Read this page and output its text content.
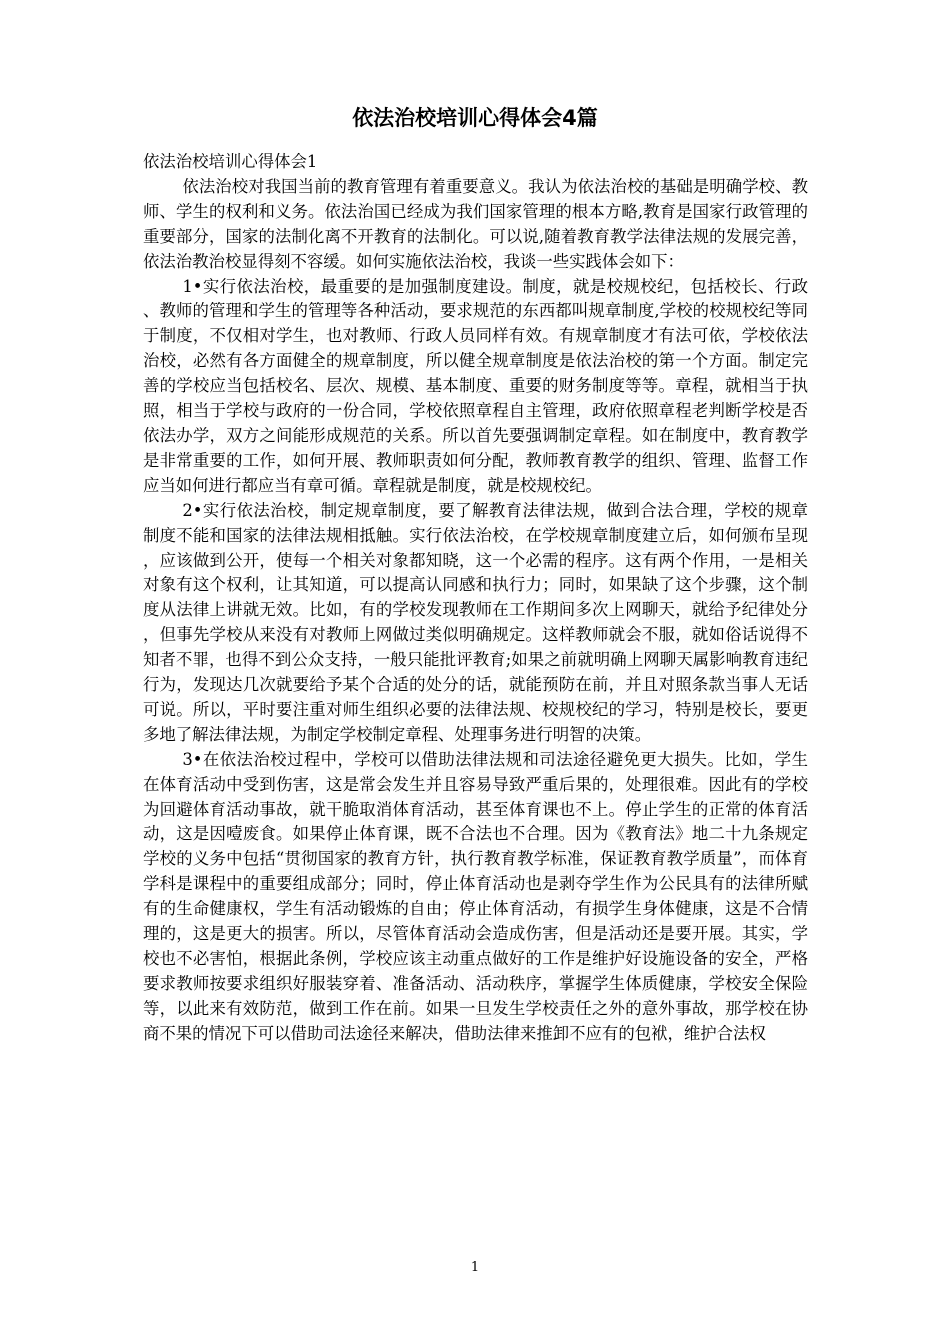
依法治校培训心得体会4篇

依法治校培训心得体会1

依法治校对我国当前的教育管理有着重要意义。我认为依法治校的基础是明确学校、教师、学生的权利和义务。依法治国已经成为我们国家管理的根本方略,教育是国家行政管理的重要部分，国家的法制化离不开教育的法制化。可以说,随着教育教学法律法规的发展完善，依法治教治校显得刻不容缓。如何实施依法治校，我谈一些实践体会如下：

1•实行依法治校，最重要的是加强制度建设。制度，就是校规校纪，包括校长、行政、教师的管理和学生的管理等各种活动，要求规范的东西都叫规章制度,学校的校规校纪等同于制度，不仅相对学生，也对教师、行政人员同样有效。有规章制度才有法可依，学校依法治校，必然有各方面健全的规章制度，所以健全规章制度是依法治校的第一个方面。制定完善的学校应当包括校名、层次、规模、基本制度、重要的财务制度等等。章程，就相当于执照，相当于学校与政府的一份合同，学校依照章程自主管理，政府依照章程老判断学校是否依法办学，双方之间能形成规范的关系。所以首先要强调制定章程。如在制度中，教育教学是非常重要的工作，如何开展、教师职责如何分配，教师教育教学的组织、管理、监督工作应当如何进行都应当有章可循。章程就是制度，就是校规校纪。

2•实行依法治校，制定规章制度，要了解教育法律法规，做到合法合理，学校的规章制度不能和国家的法律法规相抵触。实行依法治校，在学校规章制度建立后，如何颁布呈现，应该做到公开，使每一个相关对象都知晓，这一个必需的程序。这有两个作用，一是相关对象有这个权利，让其知道，可以提高认同感和执行力；同时，如果缺了这个步骤，这个制度从法律上讲就无效。比如，有的学校发现教师在工作期间多次上网聊天，就给予纪律处分，但事先学校从来没有对教师上网做过类似明确规定。这样教师就会不服，就如俗话说得不知者不罪，也得不到公众支持，一般只能批评教育;如果之前就明确上网聊天属影响教育违纪行为，发现达几次就要给予某个合适的处分的话，就能预防在前，并且对照条款当事人无话可说。所以，平时要注重对师生组织必要的法律法规、校规校纪的学习，特别是校长，要更多地了解法律法规，为制定学校制定章程、处理事务进行明智的决策。

3•在依法治校过程中，学校可以借助法律法规和司法途径避免更大损失。比如，学生在体育活动中受到伤害，这是常会发生并且容易导致严重后果的，处理很难。因此有的学校为回避体育活动事故，就干脆取消体育活动，甚至体育课也不上。停止学生的正常的体育活动，这是因噎废食。如果停止体育课，既不合法也不合理。因为《教育法》地二十九条规定学校的义务中包括“贯彻国家的教育方针，执行教育教学标准，保证教育教学质量”，而体育学科是课程中的重要组成部分；同时，停止体育活动也是剥夺学生作为公民具有的法律所赋有的生命健康权，学生有活动锻炼的自由；停止体育活动，有损学生身体健康，这是不合情理的，这是更大的损害。所以，尽管体育活动会造成伤害，但是活动还是要开展。其实，学校也不必害怕，根据此条例，学校应该主动重点做好的工作是维护好设施设备的安全，严格要求教师按要求组织好服装穿着、准备活动、活动秩序，掌握学生体质健康，学校安全保险等，以此来有效防范，做到工作在前。如果一旦发生学校责任之外的意外事故，那学校在协商不果的情况下可以借助司法途径来解决，借助法律来推卸不应有的包袱，维护合法权

1
